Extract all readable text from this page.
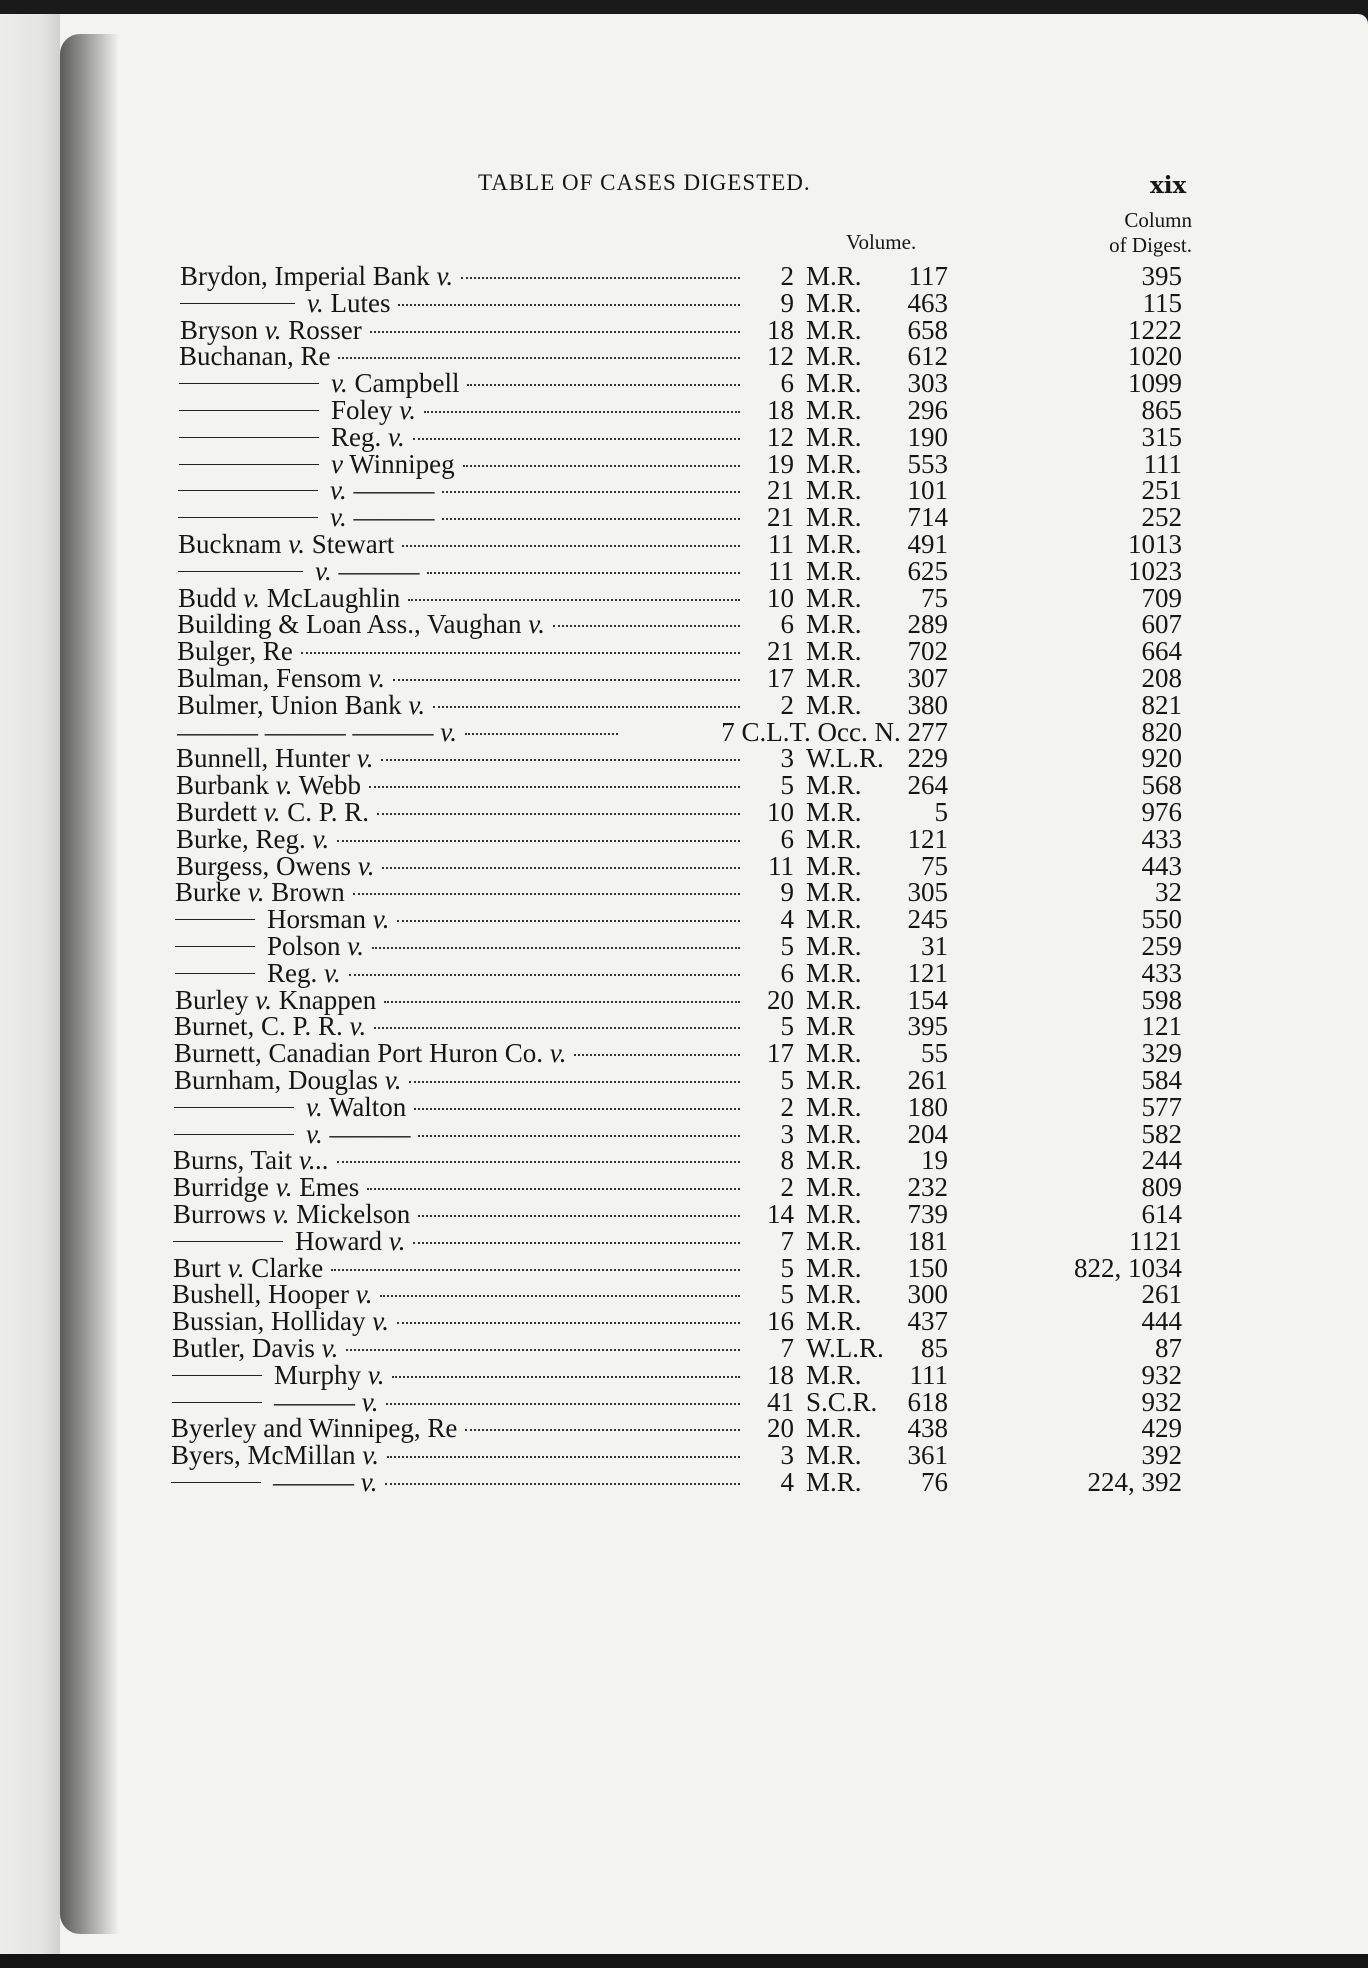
TABLE OF CASES DIGESTED.	xix
Volume.
Column
of Digest.
Brydon, Imperial Bank v.	2 M.R.	117	395
v. Lutes	9 M.R.	463	115
Bryson v. Rosser	18 M.R.	658	1222
Buchanan, Re	12 M.R.	612	1020
v. Campbell	6 M.R.	303	1099
Foley v.	18 M.R.	296	865
Reg. v.	12 M.R.	190	315
v Winnipeg	19 M.R.	553	111
v. ———	21 M.R.	101	251
v. ———	21 M.R.	714	252
Bucknam v. Stewart	11 M.R.	491	1013
v. ———	11 M.R.	625	1023
Budd v. McLaughlin	10 M.R.	75	709
Building & Loan Ass., Vaughan v.	6 M.R.	289	607
Bulger, Re	21 M.R.	702	664
Bulman, Fensom v.	17 M.R.	307	208
Bulmer, Union Bank v.	2 M.R.	380	821
——— ——— ——— v.	7 C.L.T. Occ. N. 277	820
Bunnell, Hunter v.	3 W.L.R. 229	920
Burbank v. Webb	5 M.R.	264	568
Burdett v. C. P. R.	10 M.R.	5	976
Burke, Reg. v.	6 M.R.	121	433
Burgess, Owens v.	11 M.R.	75	443
Burke v. Brown	9 M.R.	305	32
Horsman v.	4 M.R.	245	550
Polson v.	5 M.R.	31	259
Reg. v.	6 M.R.	121	433
Burley v. Knappen	20 M.R.	154	598
Burnet, C. P. R. v.	5 M.R	395	121
Burnett, Canadian Port Huron Co. v.	17 M.R.	55	329
Burnham, Douglas v.	5 M.R.	261	584
v. Walton	2 M.R.	180	577
v. ———	3 M.R.	204	582
Burns, Tait v...	8 M.R.	19	244
Burridge v. Emes	2 M.R.	232	809
Burrows v. Mickelson	14 M.R.	739	614
Howard v.	7 M.R.	181	1121
Burt v. Clarke	5 M.R.	150	822, 1034
Bushell, Hooper v.	5 M.R.	300	261
Bussian, Holliday v.	16 M.R.	437	444
Butler, Davis v.	7 W.L.R.	85	87
Murphy v.	18 M.R.	111	932
——— v.	41 S.C.R.	618	932
Byerley and Winnipeg, Re	20 M.R.	438	429
Byers, McMillan v.	3 M.R.	361	392
——— v.	4 M.R.	76	224, 392
